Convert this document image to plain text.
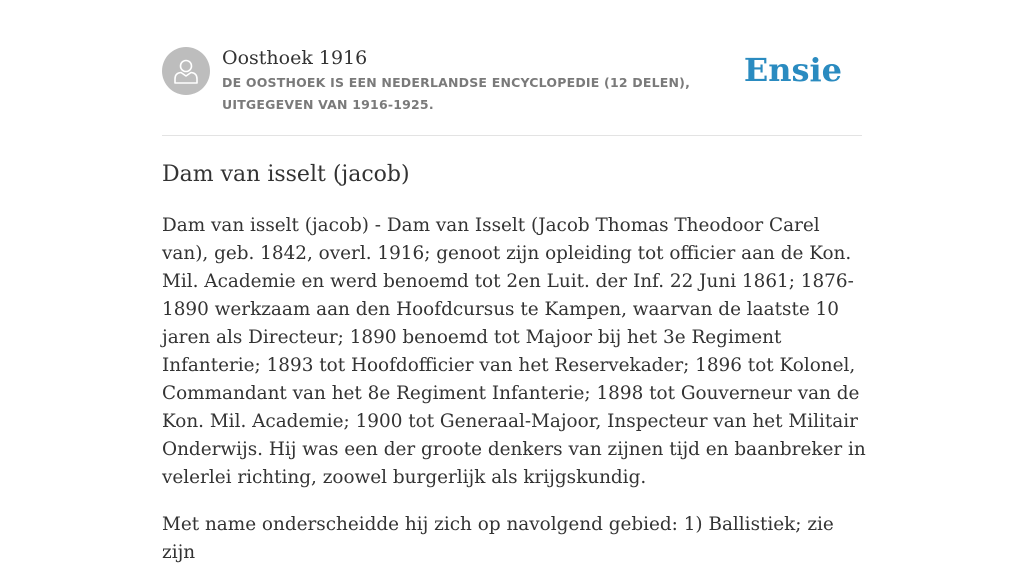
Oosthoek 1916
DE OOSTHOEK IS EEN NEDERLANDSE ENCYCLOPEDIE (12 DELEN), UITGEGEVEN VAN 1916-1925.
Ensie
Dam van isselt (jacob)

Dam van isselt (jacob) - Dam van Isselt (Jacob Thomas Theodoor Carel van), geb. 1842, overl. 1916; genoot zijn opleiding tot officier aan de Kon. Mil. Academie en werd benoemd tot 2en Luit. der Inf. 22 Juni 1861; 1876-1890 werkzaam aan den Hoofdcursus te Kampen, waarvan de laatste 10 jaren als Directeur; 1890 benoemd tot Majoor bij het 3e Regiment Infanterie; 1893 tot Hoofdofficier van het Reservekader; 1896 tot Kolonel, Commandant van het 8e Regiment Infanterie; 1898 tot Gouverneur van de Kon. Mil. Academie; 1900 tot Generaal-Majoor, Inspecteur van het Militair Onderwijs. Hij was een der groote denkers van zijnen tijd en baanbreker in velerlei richting, zoowel burgerlijk als krijgskundig.

Met name onderscheidde hij zich op navolgend gebied: 1) Ballistiek; zie zijn
